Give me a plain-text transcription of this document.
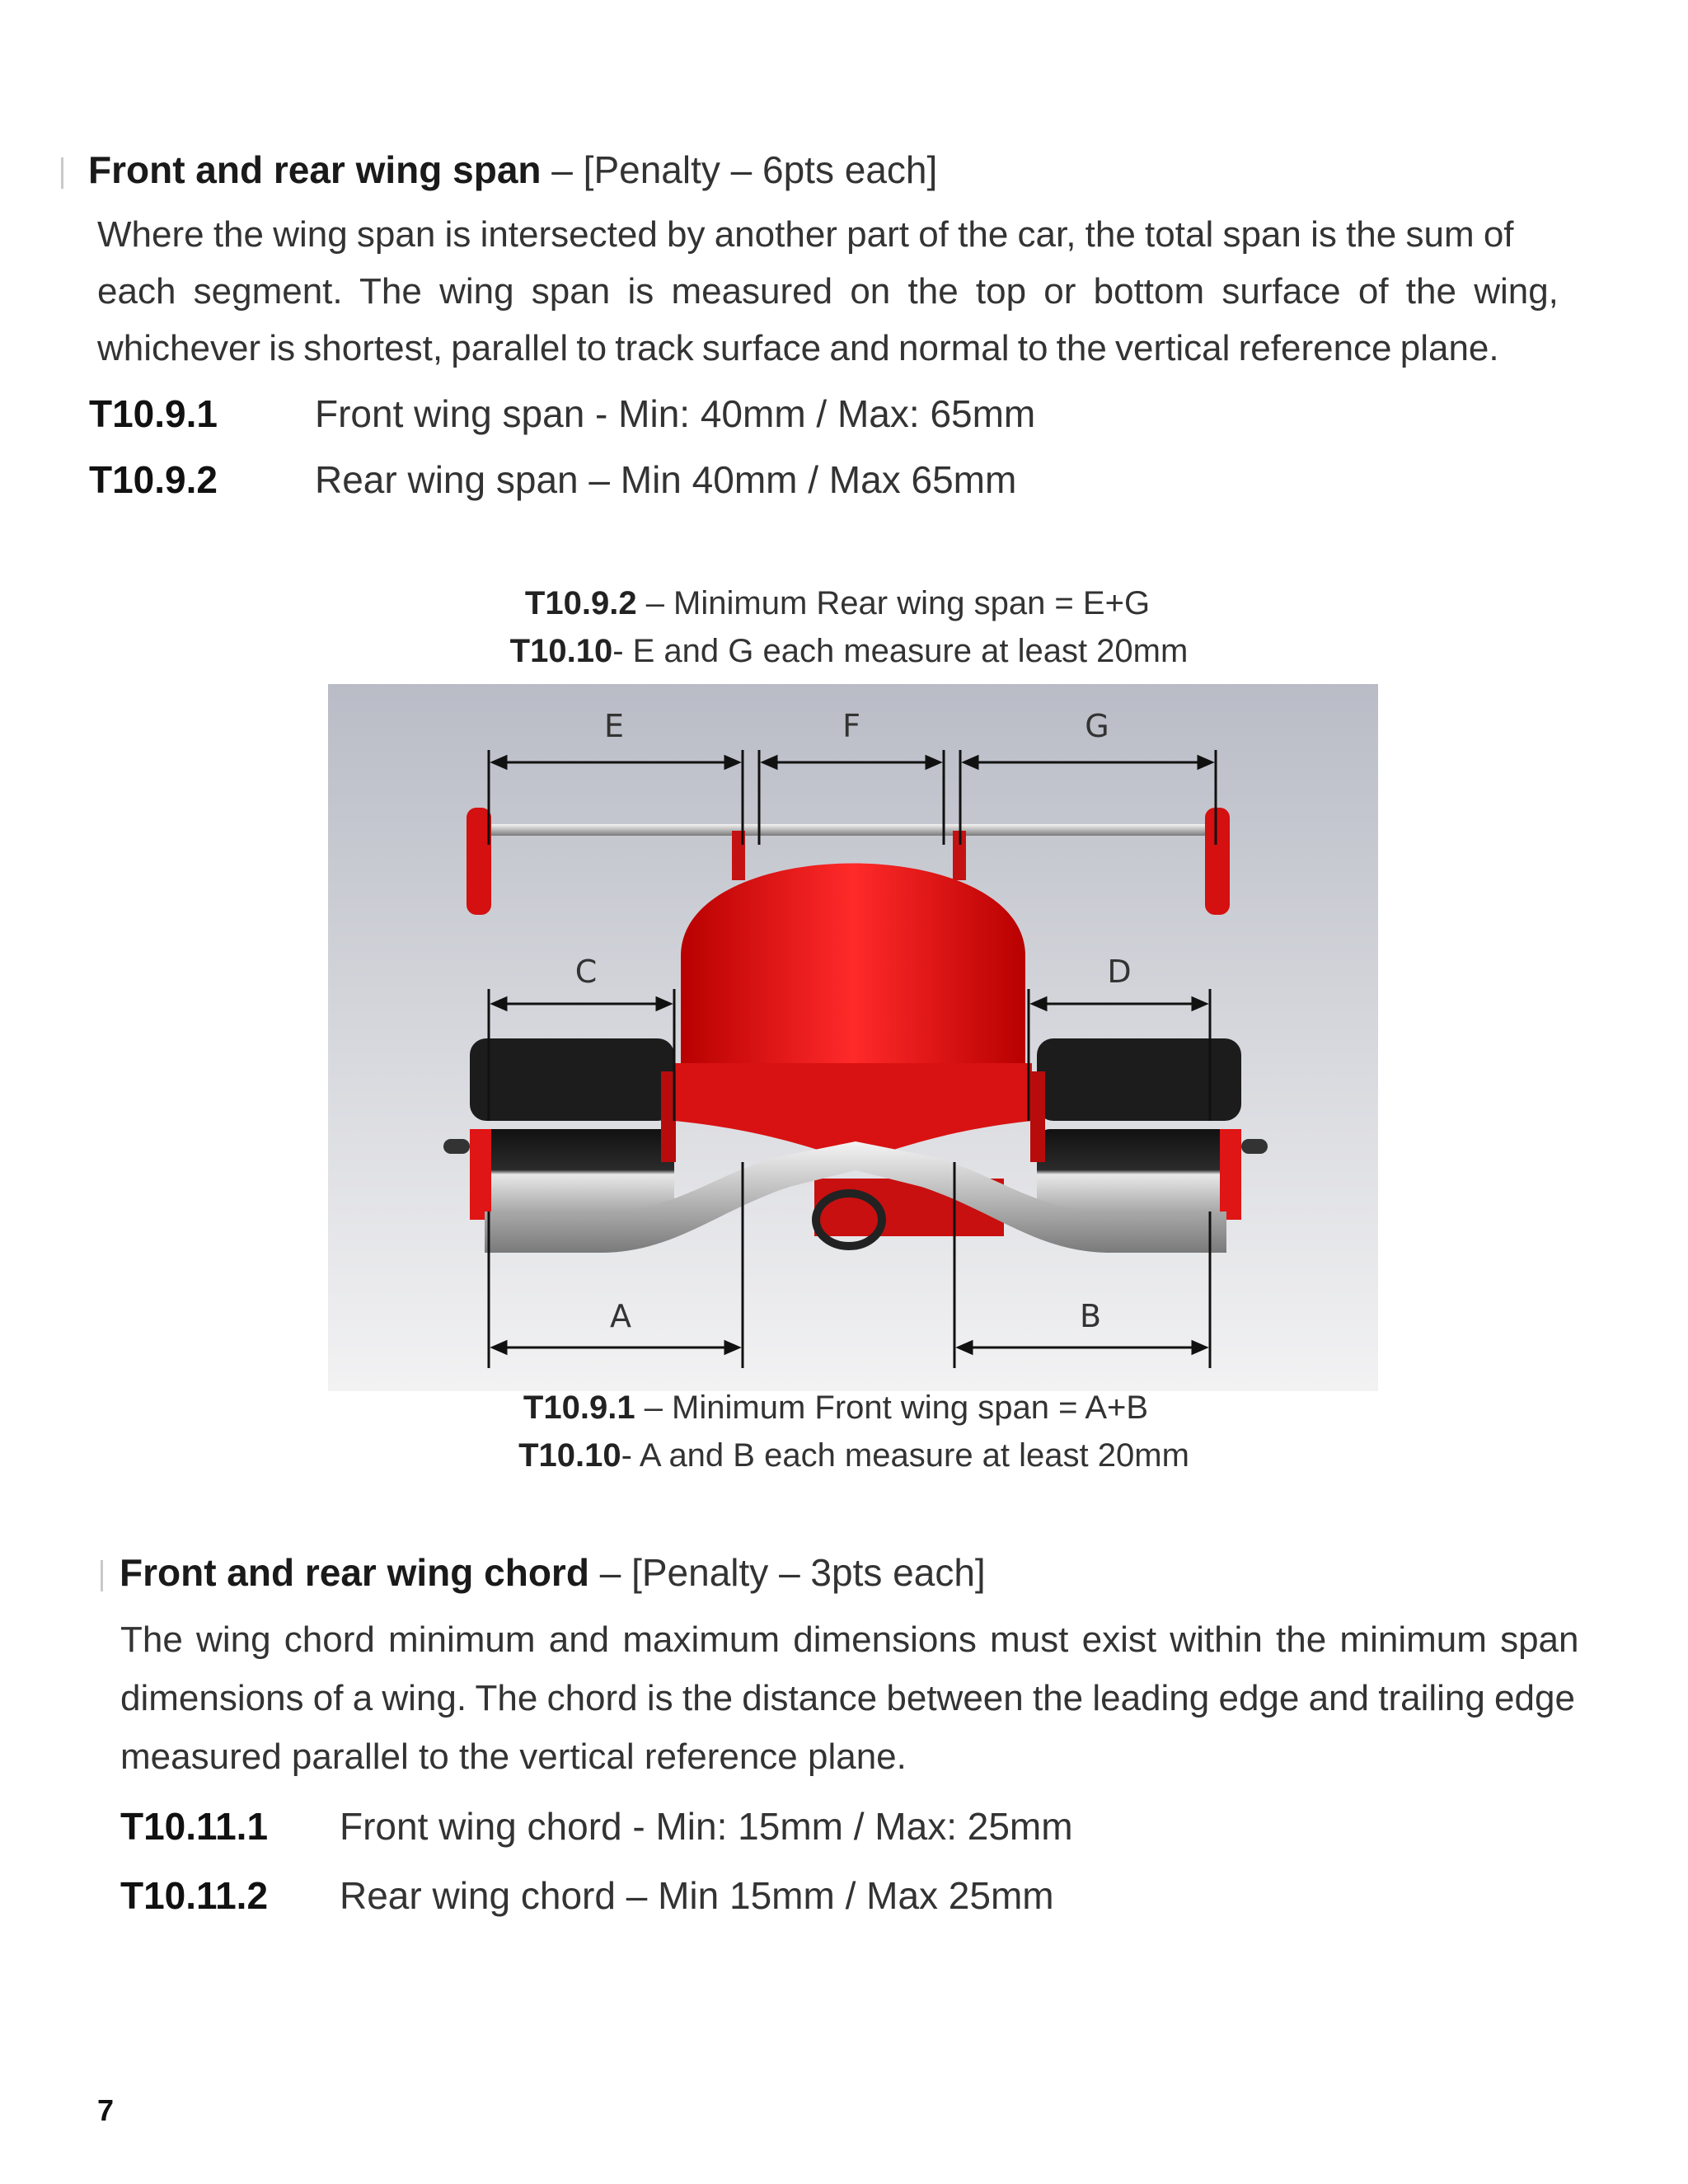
Front and rear wing span – [Penalty – 6pts each]
Where the wing span is intersected by another part of the car, the total span is the sum of
each segment. The wing span is measured on the top or bottom surface of the wing,
whichever is shortest, parallel to track surface and normal to the vertical reference plane.
T10.9.1	Front wing span - Min: 40mm / Max: 65mm
T10.9.2	Rear wing span – Min 40mm / Max 65mm
T10.9.2 – Minimum Rear wing span = E+G
T10.10- E and G each measure at least 20mm
E	F	G
C	D
A	B
T10.9.1 – Minimum Front wing span = A+B
T10.10- A and B each measure at least 20mm
Front and rear wing chord – [Penalty – 3pts each]
The wing chord minimum and maximum dimensions must exist within the minimum span
dimensions of a wing. The chord is the distance between the leading edge and trailing edge
measured parallel to the vertical reference plane.
T10.11.1 Front wing chord - Min: 15mm / Max: 25mm
T10.11.2 Rear wing chord – Min 15mm / Max 25mm
7
